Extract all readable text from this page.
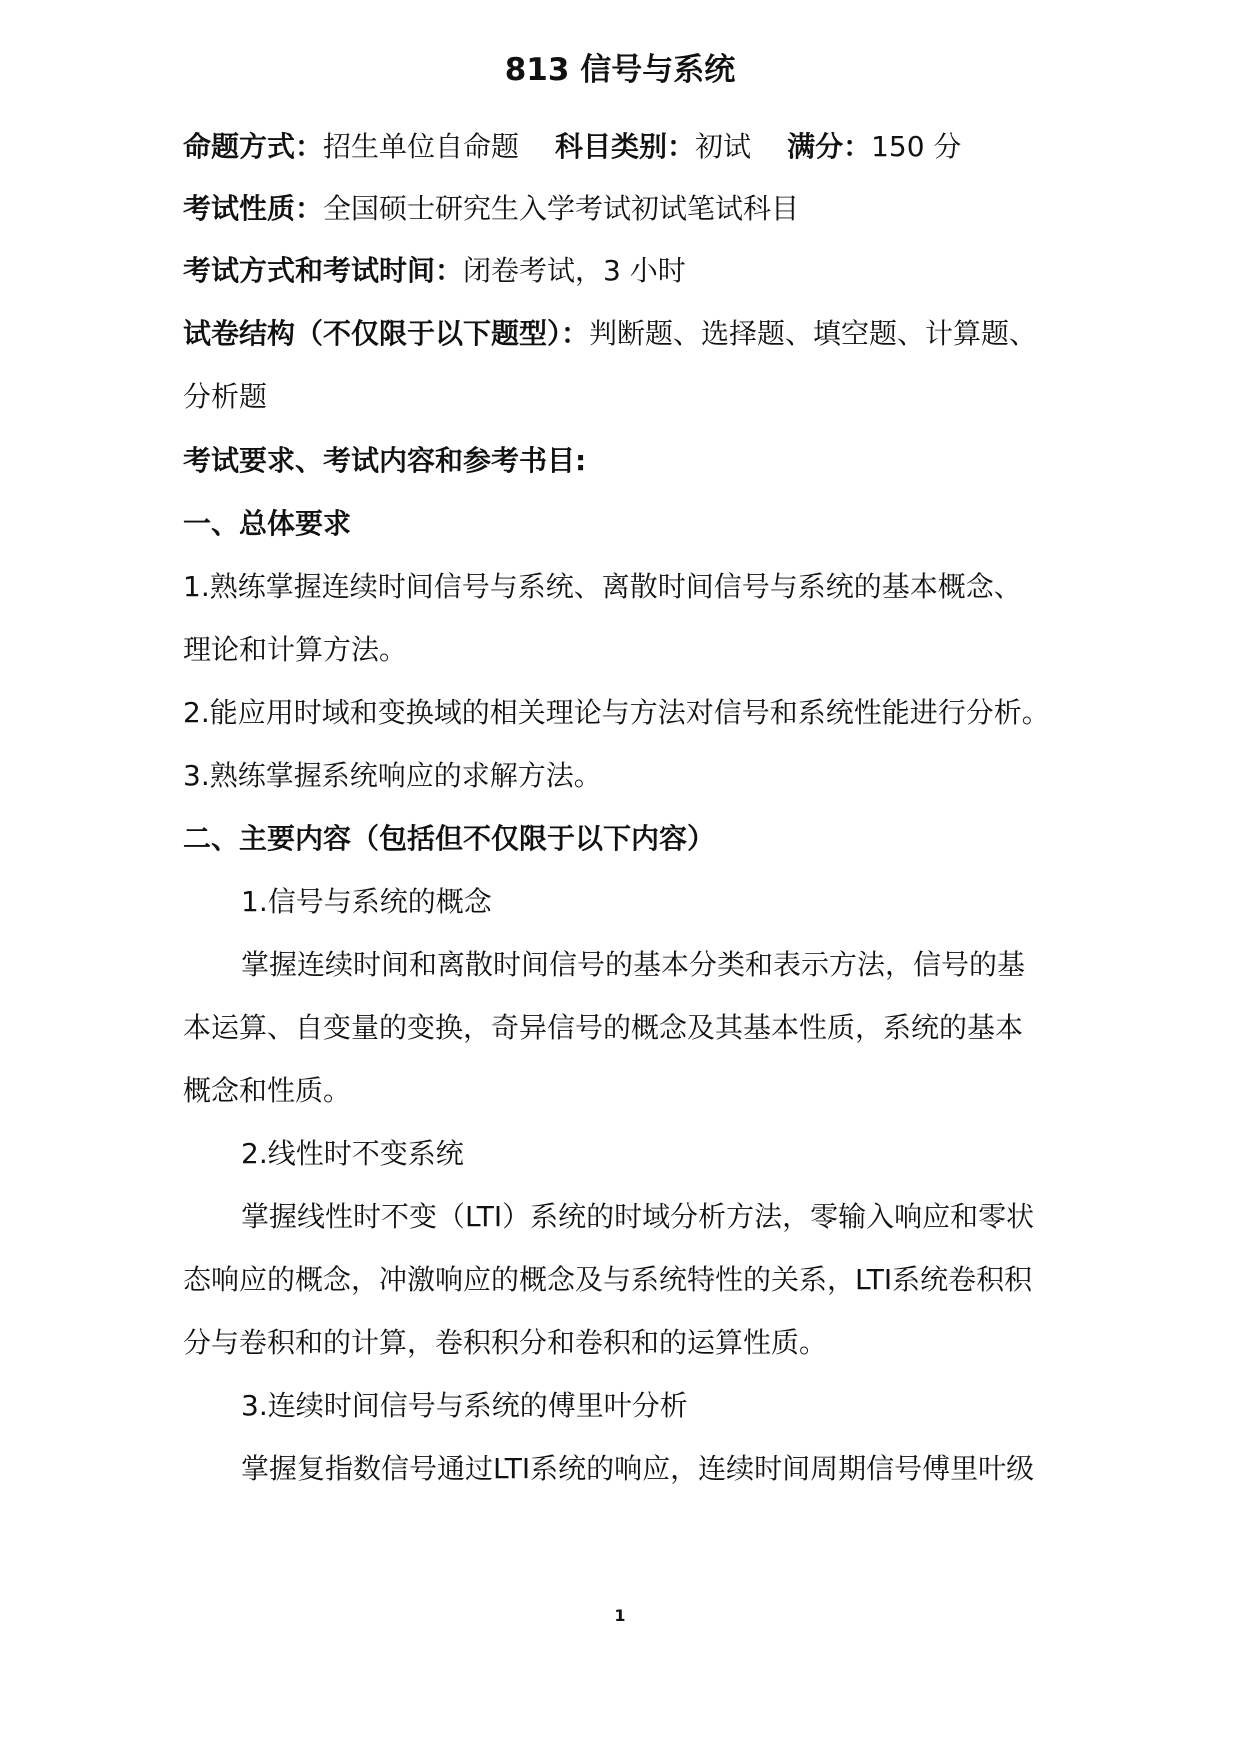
813 信号与系统
命题方式：招生单位自命题 科目类别：初试 满分：150 分
考试性质：全国硕士研究生入学考试初试笔试科目
考试方式和考试时间：闭卷考试，3 小时
试卷结构（不仅限于以下题型）：判断题、选择题、填空题、计算题、
分析题
考试要求、考试内容和参考书目:
一、总体要求
1.熟练掌握连续时间信号与系统、离散时间信号与系统的基本概念、
理论和计算方法。
2.能应用时域和变换域的相关理论与方法对信号和系统性能进行分析。
3.熟练掌握系统响应的求解方法。
二、主要内容（包括但不仅限于以下内容）
1.信号与系统的概念
掌握连续时间和离散时间信号的基本分类和表示方法，信号的基
本运算、自变量的变换，奇异信号的概念及其基本性质，系统的基本
概念和性质。
2.线性时不变系统
掌握线性时不变（LTI）系统的时域分析方法，零输入响应和零状
态响应的概念，冲激响应的概念及与系统特性的关系，LTI系统卷积积
分与卷积和的计算，卷积积分和卷积和的运算性质。
3.连续时间信号与系统的傅里叶分析
掌握复指数信号通过LTI系统的响应，连续时间周期信号傅里叶级
1
